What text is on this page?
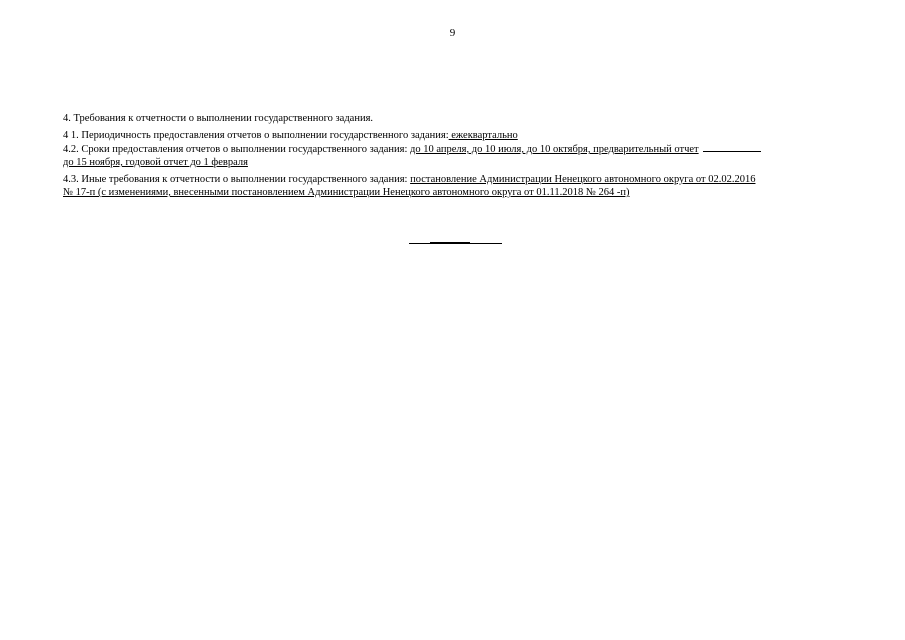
9
4. Требования к отчетности о выполнении государственного задания.
4 1. Периодичность предоставления отчетов о выполнении государственного задания: ежеквартально
4.2. Сроки предоставления отчетов о выполнении государственного задания: до 10 апреля, до 10 июля, до 10 октября, предварительный отчет
до 15 ноября, годовой отчет до 1 февраля
4.3. Иные требования к отчетности о выполнении государственного задания: постановление Администрации Ненецкого автономного округа от 02.02.2016
№ 17-п (с изменениями, внесенными постановлением Администрации Ненецкого автономного округа от 01.11.2018 № 264 -п)
